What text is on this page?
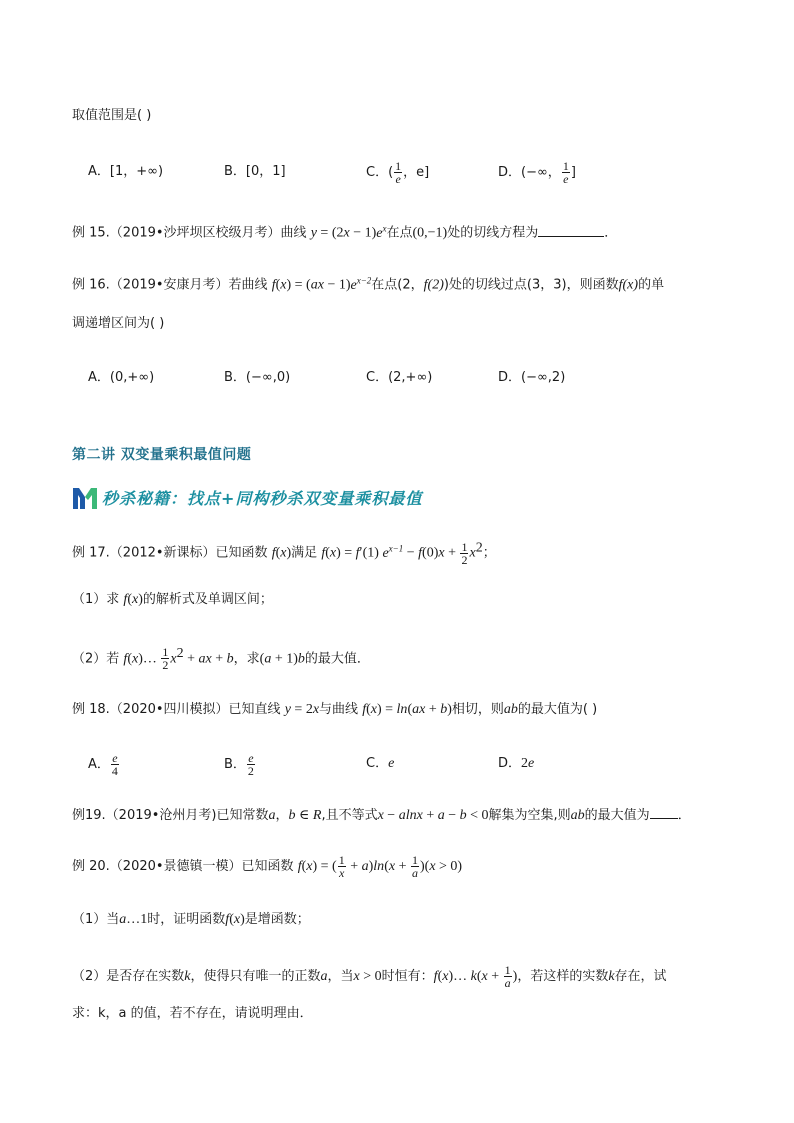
取值范围是( )
A．[1，+∞)	B．[0，1]	C．( $\frac{1}{e}$ ，e]	D．(−∞， $\frac{1}{e}$ ]
例 15.（2019•沙坪坝区校级月考）曲线 $y = (2x - 1)e^x$在点(0,−1)处的切线方程为	．
例 16.（2019•安康月考）若曲线 $f(x) = (ax - 1)e^{x-2}$在点(2，f(2))处的切线过点(3，3)，则函数f(x)的单
调递增区间为( )
A．(0,+∞)	B．(−∞,0)	C．(2,+∞)	D．(−∞,2)
第二讲 双变量乘积最值问题
秒杀秘籍：找点+同构秒杀双变量乘积最值
例 17.（2012•新课标）已知函数 f(x)满足 f(x) = f′(1) $e^{x-1} - f(0)x + \frac{1}{2} x^2$；
（1）求 f(x)的解析式及单调区间；
（2）若 f(x)… $\frac{1}{2} x^2$ + ax + b，求(a + 1)b的最大值．
例 18.（2020•四川模拟）已知直线 y = 2x与曲线 f(x) = ln(ax + b)相切，则ab的最大值为( )
A． $\frac{e}{4}$	B． $\frac{e}{2}$	C．e	D．2e
例19.（2019•沧州月考)已知常数a，b ∈ R,且不等式x − alnx + a − b < 0解集为空集,则ab的最大值为 ．
例 20.（2020•景德镇一模）已知函数 f(x) = ( $\frac{1}{x} + a)\ln(x + \frac{1}{a} )(x > 0)$
（1）当a…1时，证明函数f(x)是增函数；
（2）是否存在实数k，使得只有唯一的正数a，当x > 0时恒有：f(x)… $k(x + \frac{1}{a}$ )，若这样的实数k存在，试
求：k，a 的值，若不存在，请说明理由．
